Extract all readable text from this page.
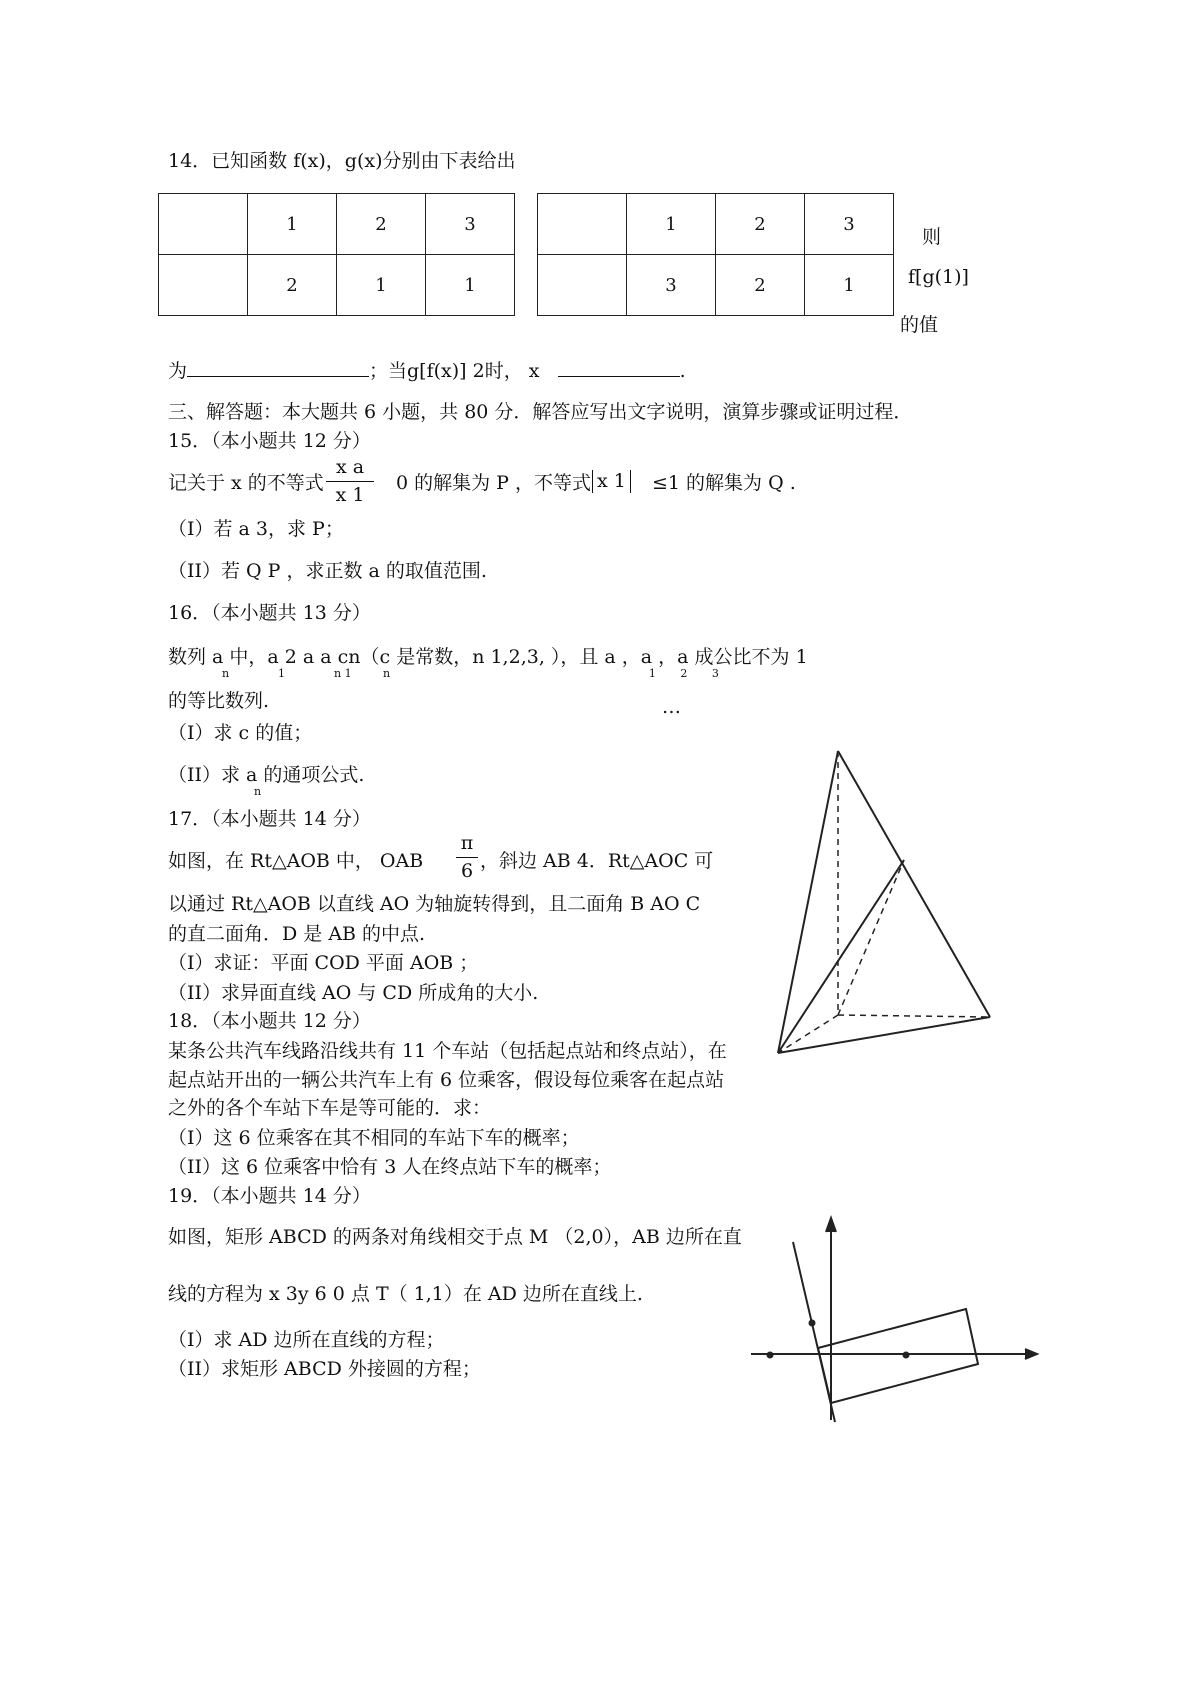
14．已知函数 f(x)，g(x)分别由下表给出
	1	2	3
	2	1	1
	1	2	3
	3	2	1
则
f[g(1)]
的值
为	；当g[f(x)] 2时， x	.
三、解答题：本大题共 6 小题，共 80 分．解答应写出文字说明，演算步骤或证明过程．
15．（本小题共 12 分）
记关于 x 的不等式
x a
x 1
0 的解集为 P ，不等式 x 1 ≤1 的解集为 Q .
（I）若 a 3，求 P；
（II）若 Q P ，求正数 a 的取值范围.
16．（本小题共 13 分）
数列 a 中，a 2 a a cn（c 是常数，n 1,2,3, ），且 a ，a ，a 成公比不为 1
n              1              n 1         n                                                                          1       2       3
的等比数列.	…
（I）求 c 的值；
（II）求 a 的通项公式.
n
17．（本小题共 14 分）
如图，在 Rt△AOB 中， OAB
π
6 ，斜边 AB 4．Rt△AOC 可
以通过 Rt△AOB 以直线 AO 为轴旋转得到，且二面角 B AO C
的直二面角．D 是 AB 的中点.
（I）求证：平面 COD 平面 AOB ；
（II）求异面直线 AO 与 CD 所成角的大小.
18．（本小题共 12 分）
某条公共汽车线路沿线共有 11 个车站（包括起点站和终点站），在
起点站开出的一辆公共汽车上有 6 位乘客，假设每位乘客在起点站
之外的各个车站下车是等可能的．求：
（I）这 6 位乘客在其不相同的车站下车的概率；
（II）这 6 位乘客中恰有 3 人在终点站下车的概率；
19．（本小题共 14 分）
如图，矩形 ABCD 的两条对角线相交于点 M （2,0），AB 边所在直
线的方程为 x 3y 6 0 点 T（ 1,1）在 AD 边所在直线上.
（I）求 AD 边所在直线的方程；
（II）求矩形 ABCD 外接圆的方程；
